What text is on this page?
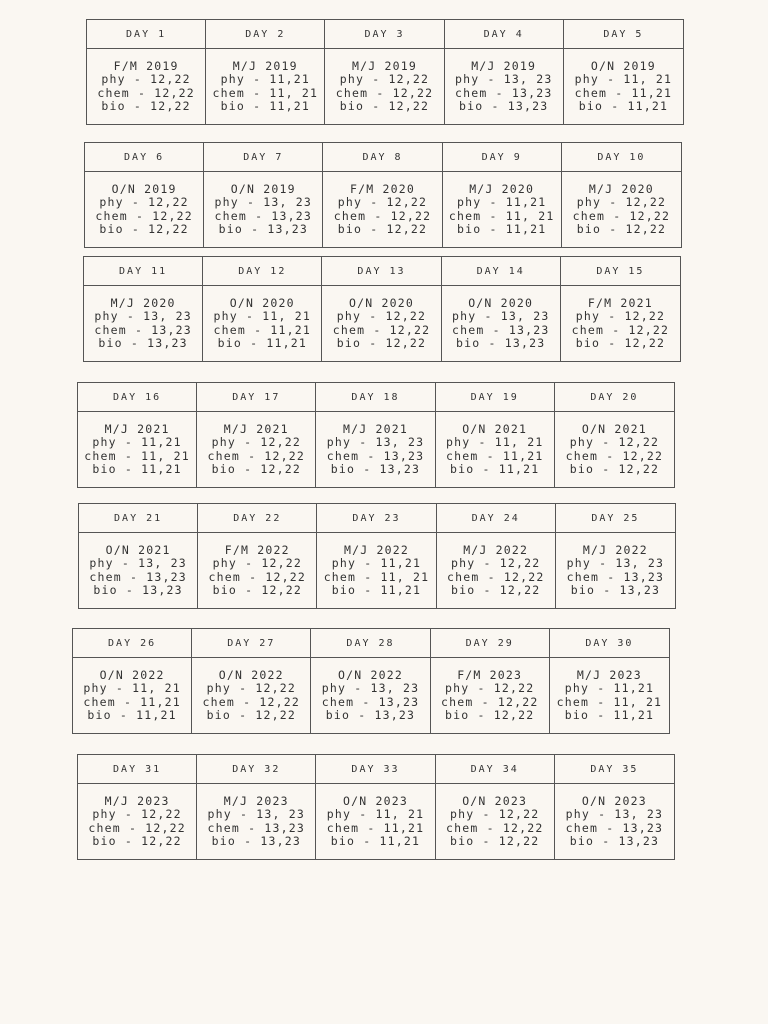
DAY 1	DAY 2	DAY 3	DAY 4	DAY 5
F/M 2019
phy - 12,22
chem - 12,22
bio - 12,22
M/J 2019
phy - 11,21
chem - 11, 21
bio - 11,21
M/J 2019
phy - 12,22
chem - 12,22
bio - 12,22
M/J 2019
phy - 13, 23
chem - 13,23
bio - 13,23
O/N 2019
phy - 11, 21
chem - 11,21
bio - 11,21
DAY 6	DAY 7	DAY 8	DAY 9	DAY 10
O/N 2019
phy - 12,22
chem - 12,22
bio - 12,22
O/N 2019
phy - 13, 23
chem - 13,23
bio - 13,23
F/M 2020
phy - 12,22
chem - 12,22
bio - 12,22
M/J 2020
phy - 11,21
chem - 11, 21
bio - 11,21
M/J 2020
phy - 12,22
chem - 12,22
bio - 12,22
DAY 11	DAY 12	DAY 13	DAY 14	DAY 15
M/J 2020
phy - 13, 23
chem - 13,23
bio - 13,23
O/N 2020
phy - 11, 21
chem - 11,21
bio - 11,21
O/N 2020
phy - 12,22
chem - 12,22
bio - 12,22
O/N 2020
phy - 13, 23
chem - 13,23
bio - 13,23
F/M 2021
phy - 12,22
chem - 12,22
bio - 12,22
DAY 16	DAY 17	DAY 18	DAY 19	DAY 20
M/J 2021
phy - 11,21
chem - 11, 21
bio - 11,21
M/J 2021
phy - 12,22
chem - 12,22
bio - 12,22
M/J 2021
phy - 13, 23
chem - 13,23
bio - 13,23
O/N 2021
phy - 11, 21
chem - 11,21
bio - 11,21
O/N 2021
phy - 12,22
chem - 12,22
bio - 12,22
DAY 21	DAY 22	DAY 23	DAY 24	DAY 25
O/N 2021
phy - 13, 23
chem - 13,23
bio - 13,23
F/M 2022
phy - 12,22
chem - 12,22
bio - 12,22
M/J 2022
phy - 11,21
chem - 11, 21
bio - 11,21
M/J 2022
phy - 12,22
chem - 12,22
bio - 12,22
M/J 2022
phy - 13, 23
chem - 13,23
bio - 13,23
DAY 26	DAY 27	DAY 28	DAY 29	DAY 30
O/N 2022
phy - 11, 21
chem - 11,21
bio - 11,21
O/N 2022
phy - 12,22
chem - 12,22
bio - 12,22
O/N 2022
phy - 13, 23
chem - 13,23
bio - 13,23
F/M 2023
phy - 12,22
chem - 12,22
bio - 12,22
M/J 2023
phy - 11,21
chem - 11, 21
bio - 11,21
DAY 31	DAY 32	DAY 33	DAY 34	DAY 35
M/J 2023
phy - 12,22
chem - 12,22
bio - 12,22
M/J 2023
phy - 13, 23
chem - 13,23
bio - 13,23
O/N 2023
phy - 11, 21
chem - 11,21
bio - 11,21
O/N 2023
phy - 12,22
chem - 12,22
bio - 12,22
O/N 2023
phy - 13, 23
chem - 13,23
bio - 13,23
